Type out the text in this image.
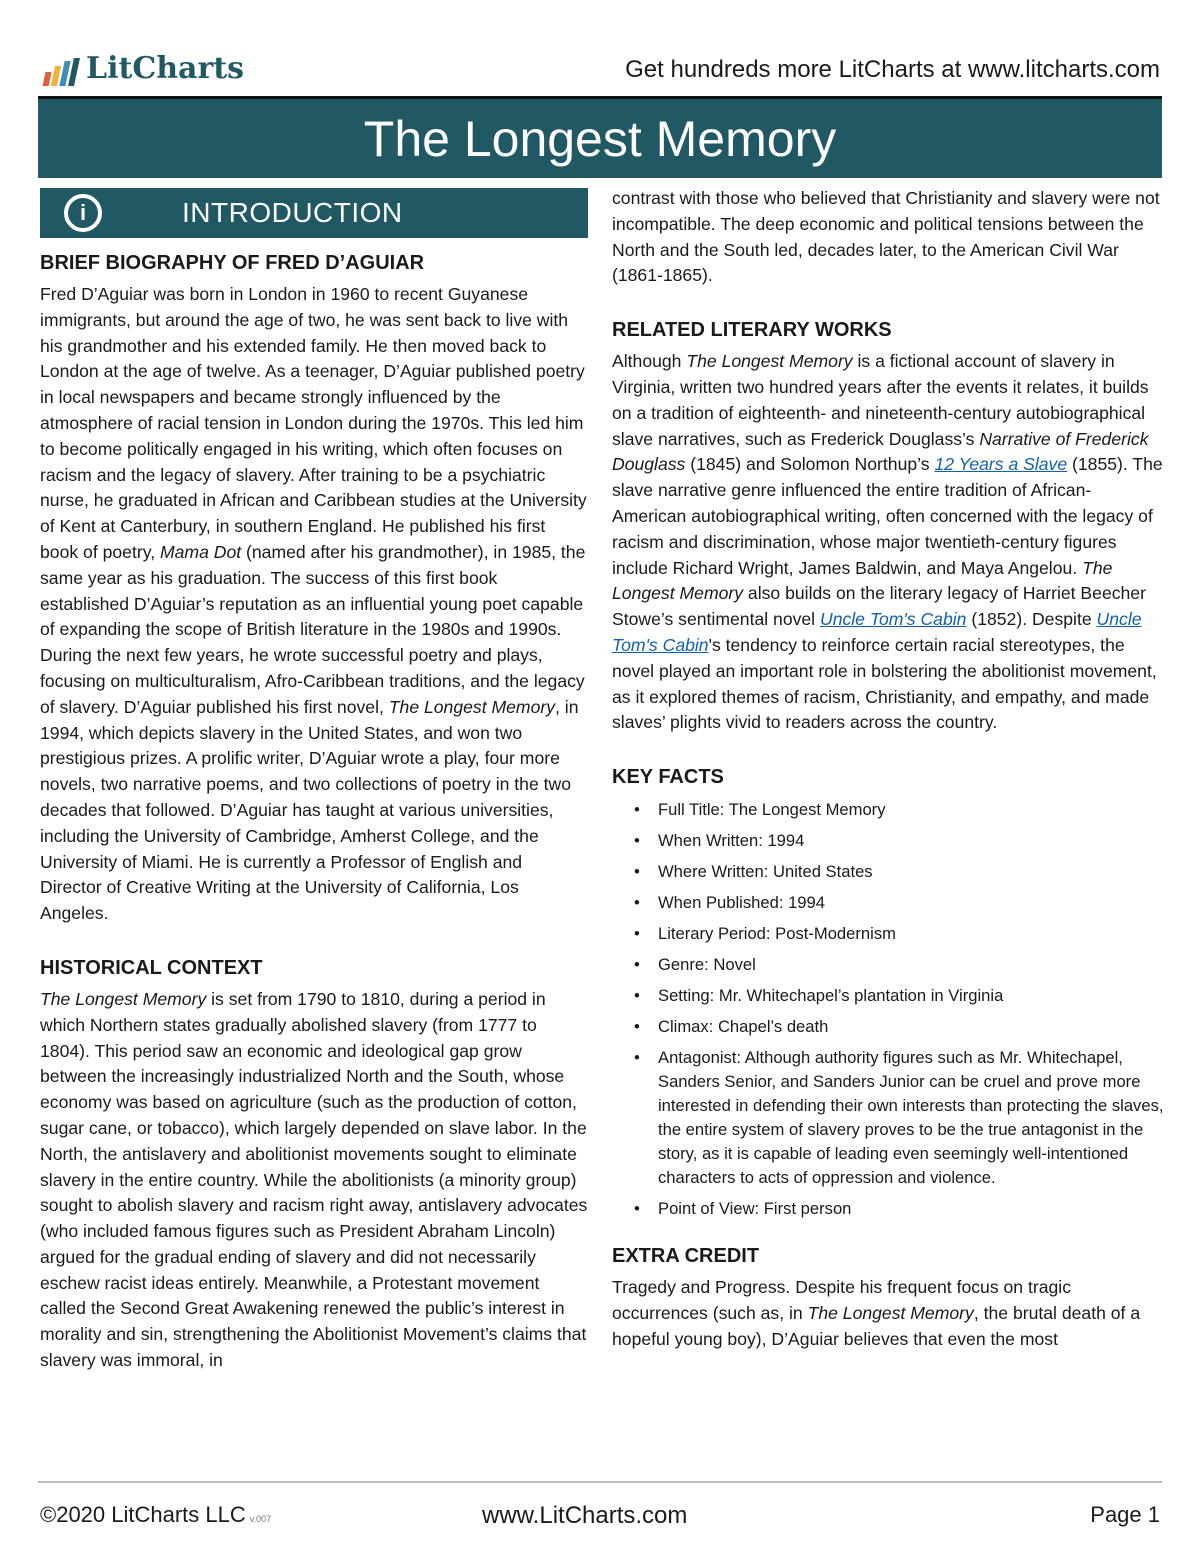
LitCharts	Get hundreds more LitCharts at www.litcharts.com
The Longest Memory
i	INTRODUCTION
BRIEF BIOGRAPHY OF FRED D’AGUIAR

Fred D’Aguiar was born in London in 1960 to recent Guyanese immigrants, but around the age of two, he was sent back to live with his grandmother and his extended family. He then moved back to London at the age of twelve. As a teenager, D’Aguiar published poetry in local newspapers and became strongly influenced by the atmosphere of racial tension in London during the 1970s. This led him to become politically engaged in his writing, which often focuses on racism and the legacy of slavery. After training to be a psychiatric nurse, he graduated in African and Caribbean studies at the University of Kent at Canterbury, in southern England. He published his first book of poetry, Mama Dot (named after his grandmother), in 1985, the same year as his graduation. The success of this first book established D’Aguiar’s reputation as an influential young poet capable of expanding the scope of British literature in the 1980s and 1990s. During the next few years, he wrote successful poetry and plays, focusing on multiculturalism, Afro-Caribbean traditions, and the legacy of slavery. D’Aguiar published his first novel, The Longest Memory, in 1994, which depicts slavery in the United States, and won two prestigious prizes. A prolific writer, D’Aguiar wrote a play, four more novels, two narrative poems, and two collections of poetry in the two decades that followed. D’Aguiar has taught at various universities, including the University of Cambridge, Amherst College, and the University of Miami. He is currently a Professor of English and Director of Creative Writing at the University of California, Los Angeles.

HISTORICAL CONTEXT

The Longest Memory is set from 1790 to 1810, during a period in which Northern states gradually abolished slavery (from 1777 to 1804). This period saw an economic and ideological gap grow between the increasingly industrialized North and the South, whose economy was based on agriculture (such as the production of cotton, sugar cane, or tobacco), which largely depended on slave labor. In the North, the antislavery and abolitionist movements sought to eliminate slavery in the entire country. While the abolitionists (a minority group) sought to abolish slavery and racism right away, antislavery advocates (who included famous figures such as President Abraham Lincoln) argued for the gradual ending of slavery and did not necessarily eschew racist ideas entirely. Meanwhile, a Protestant movement called the Second Great Awakening renewed the public’s interest in morality and sin, strengthening the Abolitionist Movement’s claims that slavery was immoral, in

contrast with those who believed that Christianity and slavery were not incompatible. The deep economic and political tensions between the North and the South led, decades later, to the American Civil War (1861-1865).

RELATED LITERARY WORKS

Although The Longest Memory is a fictional account of slavery in Virginia, written two hundred years after the events it relates, it builds on a tradition of eighteenth- and nineteenth-century autobiographical slave narratives, such as Frederick Douglass’s Narrative of Frederick Douglass (1845) and Solomon Northup’s 12 Years a Slave (1855). The slave narrative genre influenced the entire tradition of African-American autobiographical writing, often concerned with the legacy of racism and discrimination, whose major twentieth-century figures include Richard Wright, James Baldwin, and Maya Angelou. The Longest Memory also builds on the literary legacy of Harriet Beecher Stowe’s sentimental novel Uncle Tom's Cabin (1852). Despite Uncle Tom's Cabin's tendency to reinforce certain racial stereotypes, the novel played an important role in bolstering the abolitionist movement, as it explored themes of racism, Christianity, and empathy, and made slaves’ plights vivid to readers across the country.

KEY FACTS
• Full Title: The Longest Memory
• When Written: 1994
• Where Written: United States
• When Published: 1994
• Literary Period: Post-Modernism
• Genre: Novel
• Setting: Mr. Whitechapel’s plantation in Virginia
• Climax: Chapel’s death
• Antagonist: Although authority figures such as Mr. Whitechapel, Sanders Senior, and Sanders Junior can be cruel and prove more interested in defending their own interests than protecting the slaves, the entire system of slavery proves to be the true antagonist in the story, as it is capable of leading even seemingly well-intentioned characters to acts of oppression and violence.
• Point of View: First person
EXTRA CREDIT

Tragedy and Progress. Despite his frequent focus on tragic occurrences (such as, in The Longest Memory, the brutal death of a hopeful young boy), D’Aguiar believes that even the most

©2020 LitCharts LLC v.007	www.LitCharts.com	Page 1
